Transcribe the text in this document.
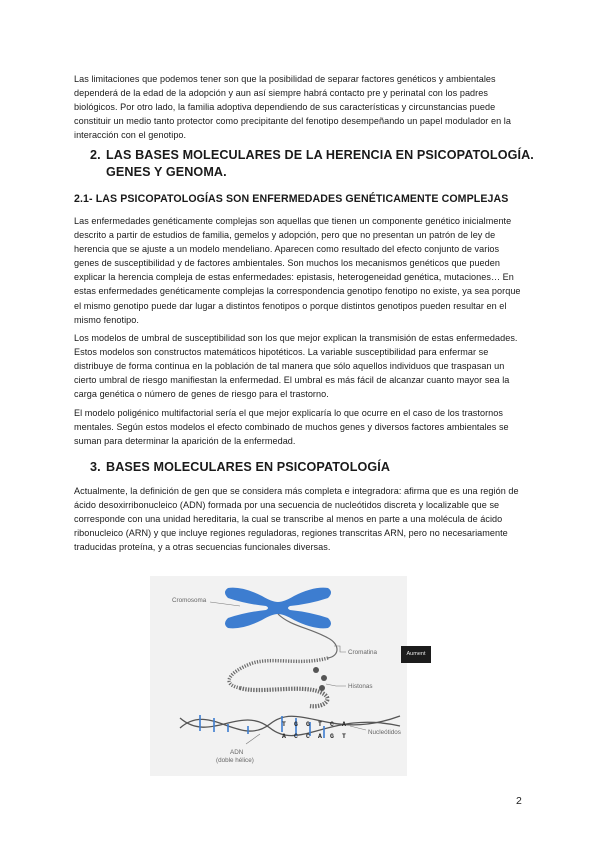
Las limitaciones que podemos tener son que la posibilidad de separar factores genéticos y ambientales dependerá de la edad de la adopción y aun así siempre habrá contacto pre y perinatal con los padres biológicos. Por otro lado, la familia adoptiva dependiendo de sus características y circunstancias puede constituir un medio tanto protector como precipitante del fenotipo desempeñando un papel modulador en la interacción con el genotipo.

2. LAS BASES MOLECULARES DE LA HERENCIA EN PSICOPATOLOGÍA.
GENES Y GENOMA.
2.1- LAS PSICOPATOLOGÍAS SON ENFERMEDADES GENÉTICAMENTE COMPLEJAS

Las enfermedades genéticamente complejas son aquellas que tienen un componente genético inicialmente descrito a partir de estudios de familia, gemelos y adopción, pero que no presentan un patrón de ley de herencia que se ajuste a un modelo mendeliano. Aparecen como resultado del efecto conjunto de varios genes de susceptibilidad y de factores ambientales. Son muchos los mecanismos genéticos que pueden explicar la herencia compleja de estas enfermedades: epistasis, heterogeneidad genética, mutaciones… En estas enfermedades genéticamente complejas la correspondencia genotipo fenotipo no existe, ya sea porque el mismo genotipo puede dar lugar a distintos fenotipos o porque distintos genotipos pueden resultar en el mismo fenotipo.

Los modelos de umbral de susceptibilidad son los que mejor explican la transmisión de estas enfermedades. Estos modelos son constructos matemáticos hipotéticos. La variable susceptibilidad para enfermar se distribuye de forma continua en la población de tal manera que sólo aquellos individuos que traspasan un cierto umbral de riesgo manifiestan la enfermedad. El umbral es más fácil de alcanzar cuanto mayor sea la carga genética o número de genes de riesgo para el trastorno.

El modelo poligénico multifactorial sería el que mejor explicaría lo que ocurre en el caso de los trastornos mentales. Según estos modelos el efecto combinado de muchos genes y diversos factores ambientales se suman para determinar la aparición de la enfermedad.

3. BASES MOLECULARES EN PSICOPATOLOGÍA

Actualmente, la definición de gen que se considera más completa e integradora: afirma que es una región de ácido desoxirribonucleico (ADN) formada por una secuencia de nucleótidos discreta y localizable que se corresponde con una unidad hereditaria, la cual se transcribe al menos en parte a una molécula de ácido ribonucleico (ARN) y que incluye regiones reguladoras, regiones transcritas ARN, pero no necesariamente traducidas proteína, y a otras secuencias funcionales diversas.

T G G T C A
A C C A G T
Cromosoma
Cromatina
Histonas
Nucleótidos
ADN
(doble hélice)
Aument
2
